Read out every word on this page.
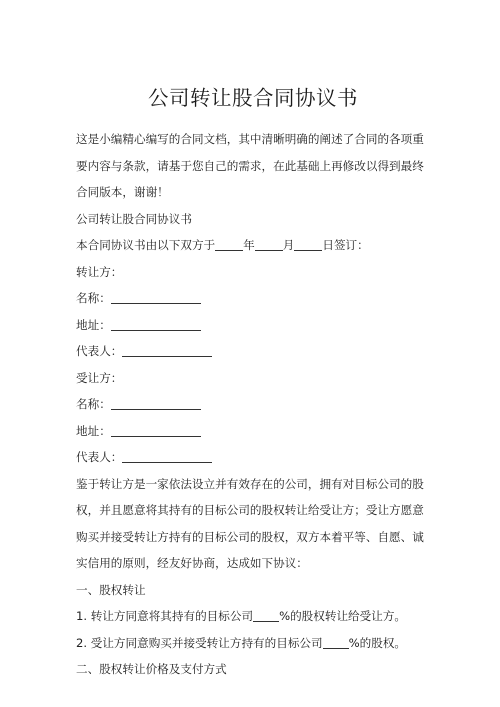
公司转让股合同协议书

这是小编精心编写的合同文档，其中清晰明确的阐述了合同的各项重要内容与条款，请基于您自己的需求，在此基础上再修改以得到最终合同版本，谢谢！

公司转让股合同协议书
本合同协议书由以下双方于 年 月 日签订：
转让方：
名称：
地址：
代表人：
受让方：
名称：
地址：
代表人：

鉴于转让方是一家依法设立并有效存在的公司，拥有对目标公司的股权，并且愿意将其持有的目标公司的股权转让给受让方；受让方愿意购买并接受转让方持有的目标公司的股权，双方本着平等、自愿、诚实信用的原则，经友好协商，达成如下协议：

一、股权转让
1. 转让方同意将其持有的目标公司 %的股权转让给受让方。
2. 受让方同意购买并接受转让方持有的目标公司 %的股权。
二、股权转让价格及支付方式
